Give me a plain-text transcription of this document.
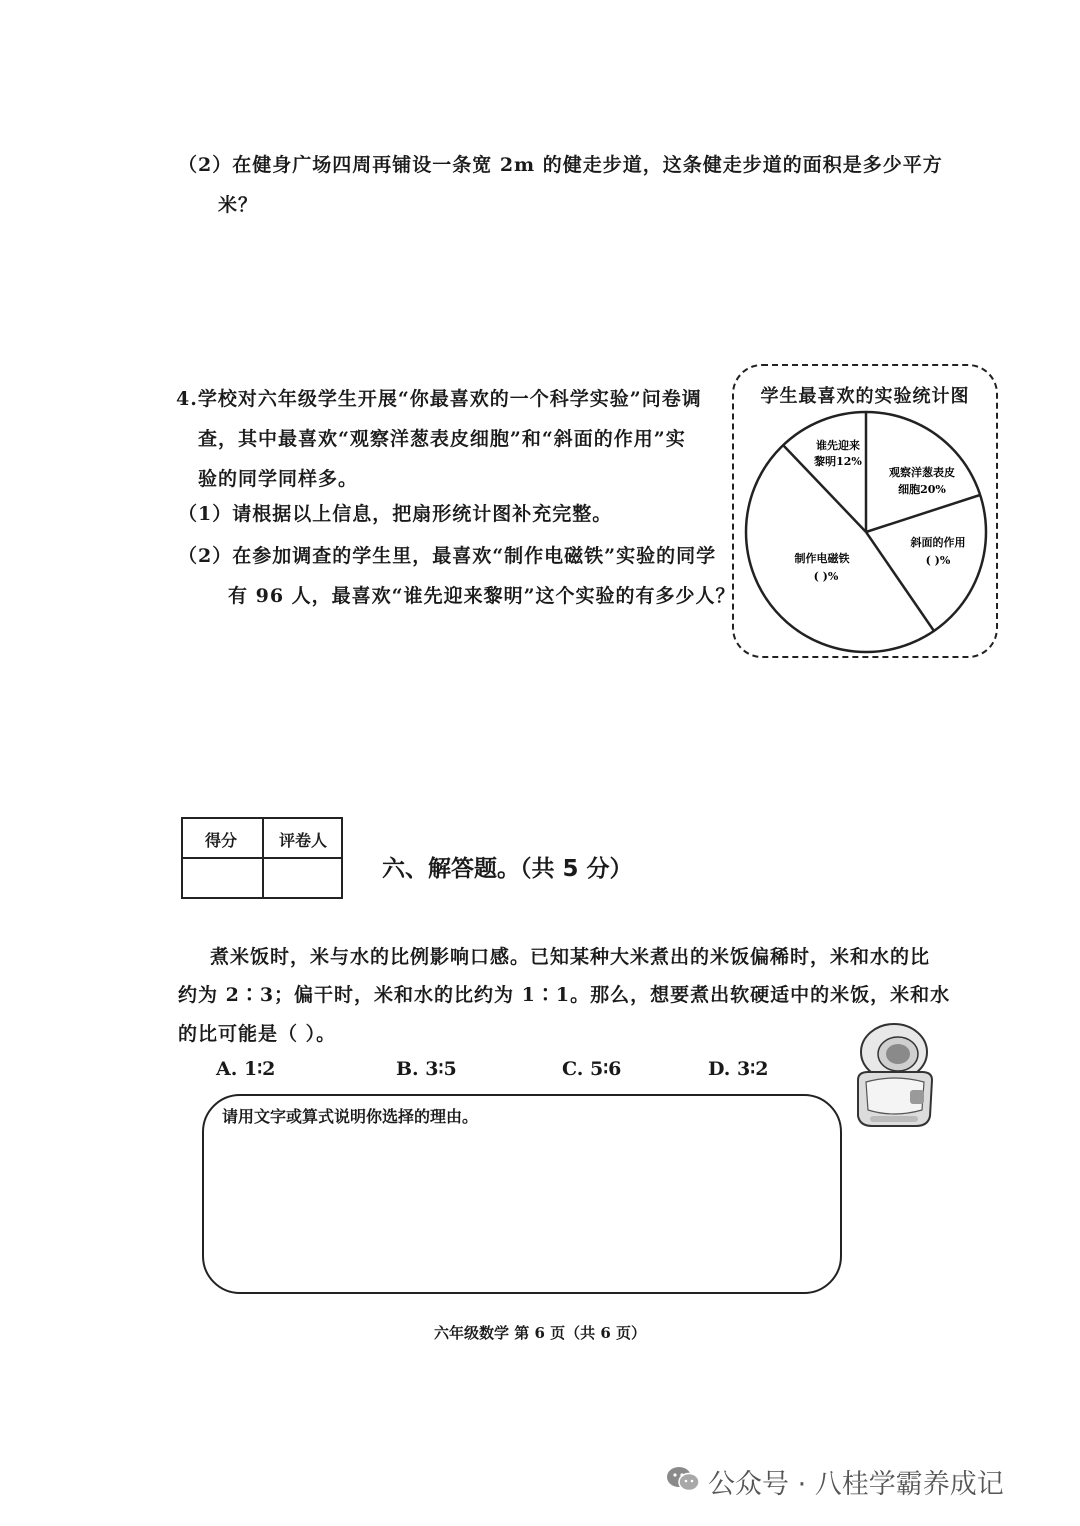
（2）在健身广场四周再铺设一条宽 2m 的健走步道，这条健走步道的面积是多少平方
米？
4.学校对六年级学生开展“你最喜欢的一个科学实验”问卷调
查，其中最喜欢“观察洋葱表皮细胞”和“斜面的作用”实
验的同学同样多。
（1）请根据以上信息，把扇形统计图补充完整。
（2）在参加调查的学生里，最喜欢“制作电磁铁”实验的同学
有 96 人，最喜欢“谁先迎来黎明”这个实验的有多少人？
学生最喜欢的实验统计图
谁先迎来
黎明12%
观察洋葱表皮
细胞20%
斜面的作用
( )%
制作电磁铁
( )%
得分	评卷人
六、解答题。（共 5 分）
煮米饭时，米与水的比例影响口感。已知某种大米煮出的米饭偏稀时，米和水的比
约为 2∶3；偏干时，米和水的比约为 1∶1。那么，想要煮出软硬适中的米饭，米和水
的比可能是（ ）。
A. 1∶2	B. 3∶5	C. 5∶6	D. 3∶2
请用文字或算式说明你选择的理由。
六年级数学 第 6 页（共 6 页）
公众号 · 八桂学霸养成记
